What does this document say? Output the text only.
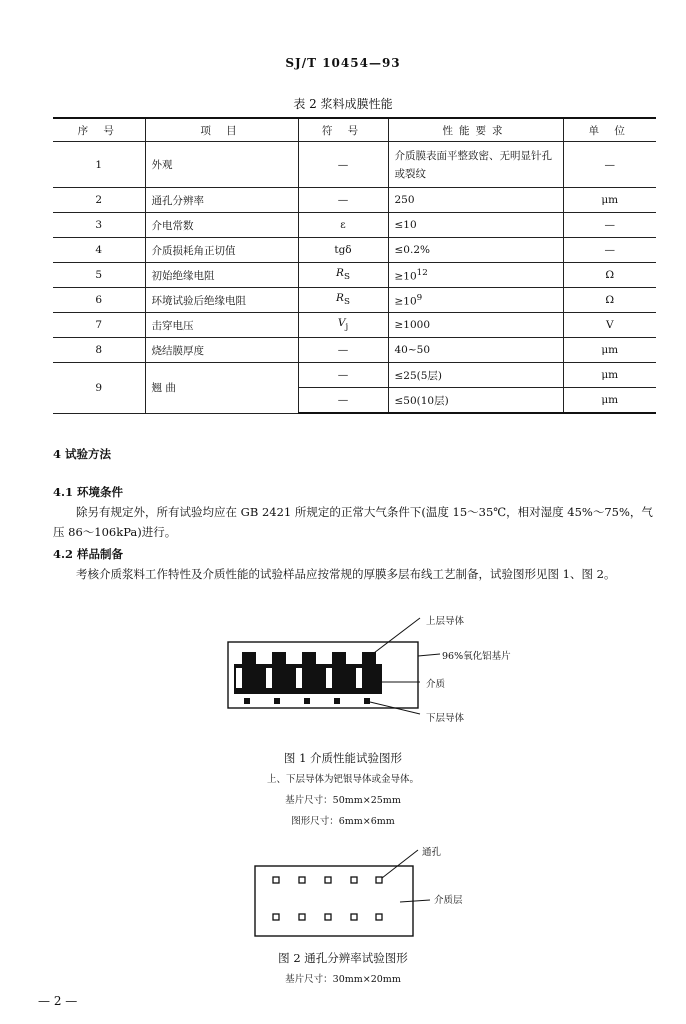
SJ/T 10454—93
表 2 浆料成膜性能
序 号	项 目	符 号	性能要求	单 位
1	外观	—	介质膜表面平整致密、无明显针孔或裂纹	—
2	通孔分辨率	—	250	μm
3	介电常数	ε	≤10	—
4	介质损耗角正切值	tgδ	≤0.2%	—
5	初始绝缘电阻	$R_S$	$\ge 10^{12}$	Ω
6	环境试验后绝缘电阻	$R_S$	$\ge 10^9$	Ω
7	击穿电压	$V_j$	≥1000	V
8	烧结膜厚度	—	40~50	μm
9	翘 曲	—	≤25(5层)	μm
		—	≤50(10层)	μm
4 试验方法
4.1 环境条件
除另有规定外，所有试验均应在 GB 2421 所规定的正常大气条件下(温度 15～35℃，相对湿度 45%～75%，气压 86～106kPa)进行。
4.2 样品制备
考核介质浆料工作特性及介质性能的试验样品应按常规的厚膜多层布线工艺制备，试验图形见图 1、图 2。
上层导体
96%氧化铝基片
介质
下层导体
图 1 介质性能试验图形
上、下层导体为钯银导体或金导体。
基片尺寸：50mm×25mm
图形尺寸：6mm×6mm
通孔
介质层
图 2 通孔分辨率试验图形
基片尺寸：30mm×20mm
— 2 —
